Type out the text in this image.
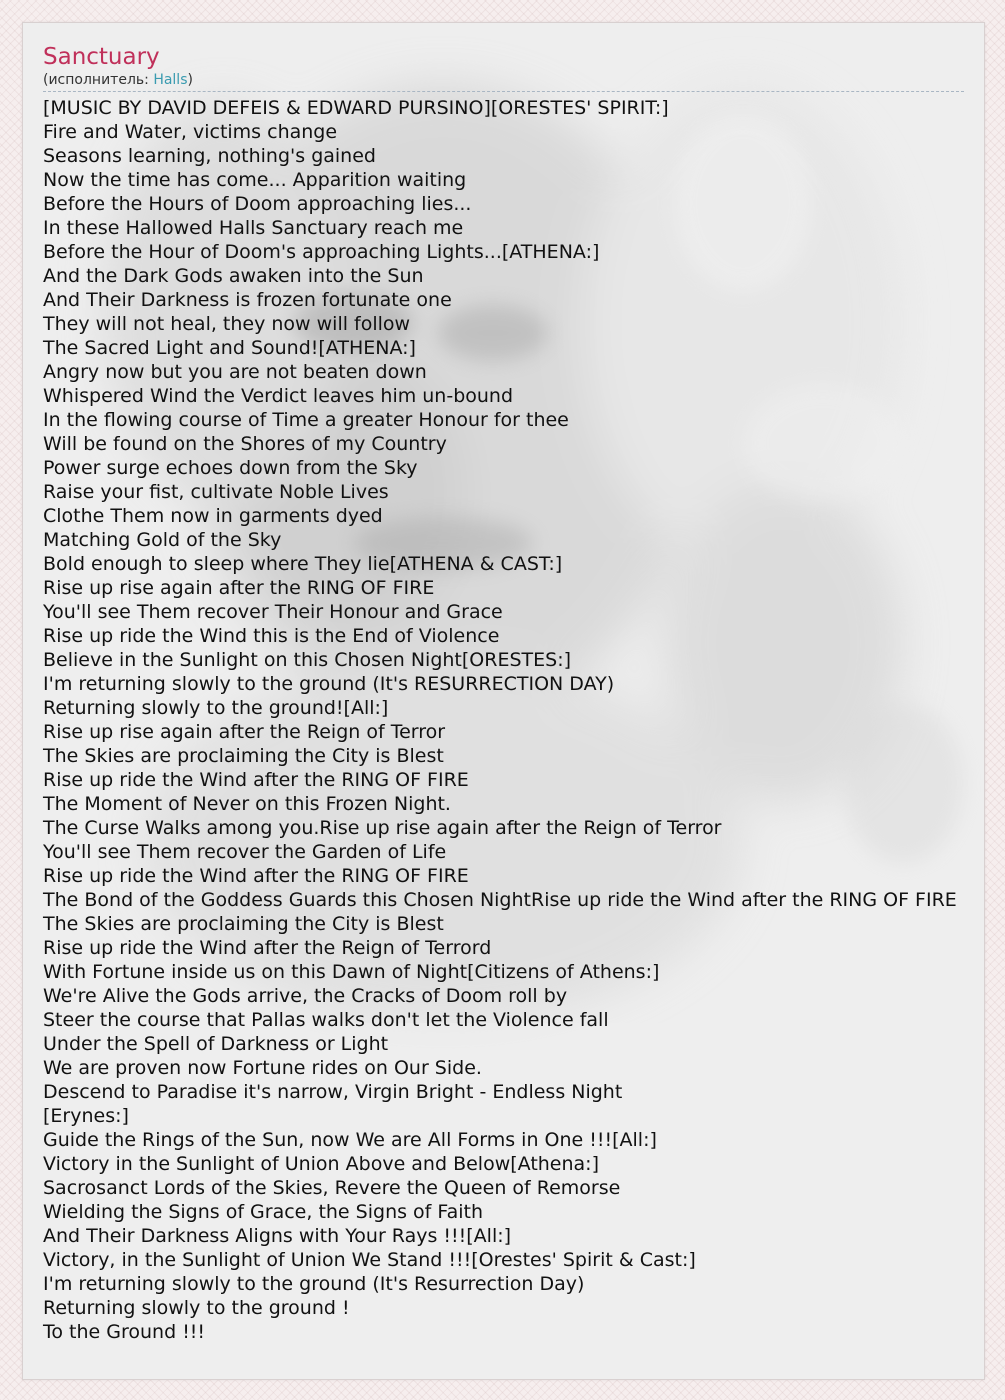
Sanctuary
(исполнитель: Halls)
[MUSIC BY DAVID DEFEIS & EDWARD PURSINO][ORESTES' SPIRIT:]
Fire and Water, victims change
Seasons learning, nothing's gained
Now the time has come... Apparition waiting
Before the Hours of Doom approaching lies...
In these Hallowed Halls Sanctuary reach me
Before the Hour of Doom's approaching Lights...[ATHENA:]
And the Dark Gods awaken into the Sun
And Their Darkness is frozen fortunate one
They will not heal, they now will follow
The Sacred Light and Sound![ATHENA:]
Angry now but you are not beaten down
Whispered Wind the Verdict leaves him un-bound
In the flowing course of Time a greater Honour for thee
Will be found on the Shores of my Country
Power surge echoes down from the Sky
Raise your fist, cultivate Noble Lives
Clothe Them now in garments dyed
Matching Gold of the Sky
Bold enough to sleep where They lie[ATHENA & CAST:]
Rise up rise again after the RING OF FIRE
You'll see Them recover Their Honour and Grace
Rise up ride the Wind this is the End of Violence
Believe in the Sunlight on this Chosen Night[ORESTES:]
I'm returning slowly to the ground (It's RESURRECTION DAY)
Returning slowly to the ground![All:]
Rise up rise again after the Reign of Terror
The Skies are proclaiming the City is Blest
Rise up ride the Wind after the RING OF FIRE
The Moment of Never on this Frozen Night.
The Curse Walks among you.Rise up rise again after the Reign of Terror
You'll see Them recover the Garden of Life
Rise up ride the Wind after the RING OF FIRE
The Bond of the Goddess Guards this Chosen NightRise up ride the Wind after the RING OF FIRE
The Skies are proclaiming the City is Blest
Rise up ride the Wind after the Reign of Terrord
With Fortune inside us on this Dawn of Night[Citizens of Athens:]
We're Alive the Gods arrive, the Cracks of Doom roll by
Steer the course that Pallas walks don't let the Violence fall
Under the Spell of Darkness or Light
We are proven now Fortune rides on Our Side.
Descend to Paradise it's narrow, Virgin Bright - Endless Night
[Erynes:]
Guide the Rings of the Sun, now We are All Forms in One !!![All:]
Victory in the Sunlight of Union Above and Below[Athena:]
Sacrosanct Lords of the Skies, Revere the Queen of Remorse
Wielding the Signs of Grace, the Signs of Faith
And Their Darkness Aligns with Your Rays !!![All:]
Victory, in the Sunlight of Union We Stand !!![Orestes' Spirit & Cast:]
I'm returning slowly to the ground (It's Resurrection Day)
Returning slowly to the ground !
To the Ground !!!
